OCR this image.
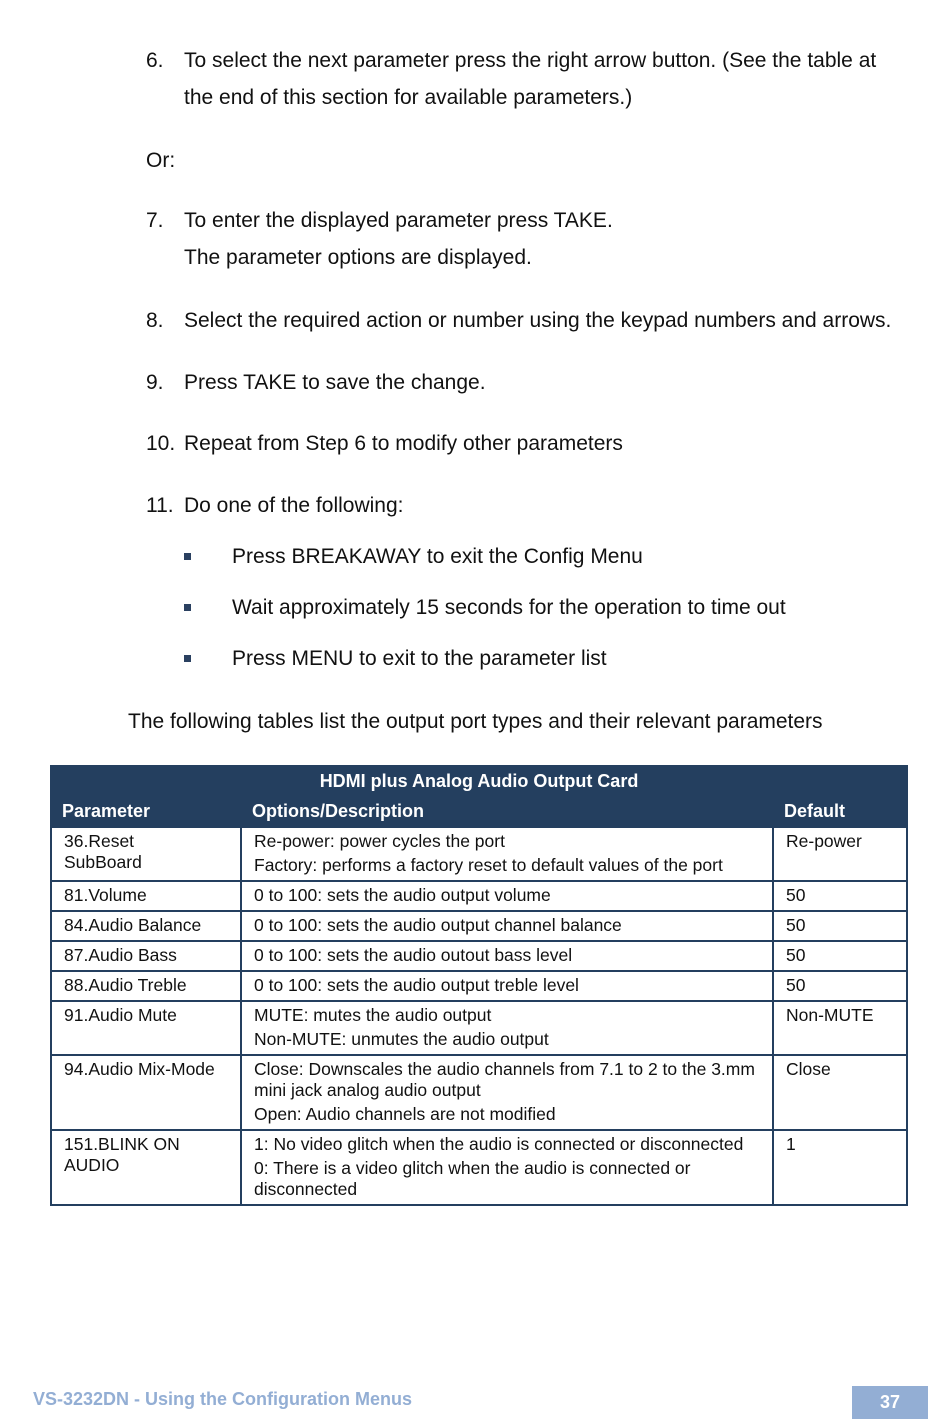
6. To select the next parameter press the right arrow button. (See the table at
the end of this section for available parameters.)
Or:
7. To enter the displayed parameter press TAKE.
The parameter options are displayed.
8. Select the required action or number using the keypad numbers and arrows.
9. Press TAKE to save the change.
10. Repeat from Step 6 to modify other parameters
11. Do one of the following:
Press BREAKAWAY to exit the Config Menu
Wait approximately 15 seconds for the operation to time out
Press MENU to exit to the parameter list
The following tables list the output port types and their relevant parameters
HDMI plus Analog Audio Output Card		
Parameter	Options/Description	Default

36.Reset
SubBoard	Re-power: power cycles the port
Factory: performs a factory reset to default values of the port	Re-power
81.Volume	0 to 100: sets the audio output volume	50
84.Audio Balance	0 to 100: sets the audio output channel balance	50
87.Audio Bass	0 to 100: sets the audio outout bass level	50
88.Audio Treble	0 to 100: sets the audio output treble level	50
91.Audio Mute	MUTE: mutes the audio output
Non-MUTE: unmutes the audio output	Non-MUTE
94.Audio Mix-Mode	Close: Downscales the audio channels from 7.1 to 2 to the 3.mm mini jack analog audio output
Open: Audio channels are not modified	Close

151.BLINK ON
AUDIO	1: No video glitch when the audio is connected or disconnected
0: There is a video glitch when the audio is connected or disconnected	1
VS-3232DN - Using the Configuration Menus	37
